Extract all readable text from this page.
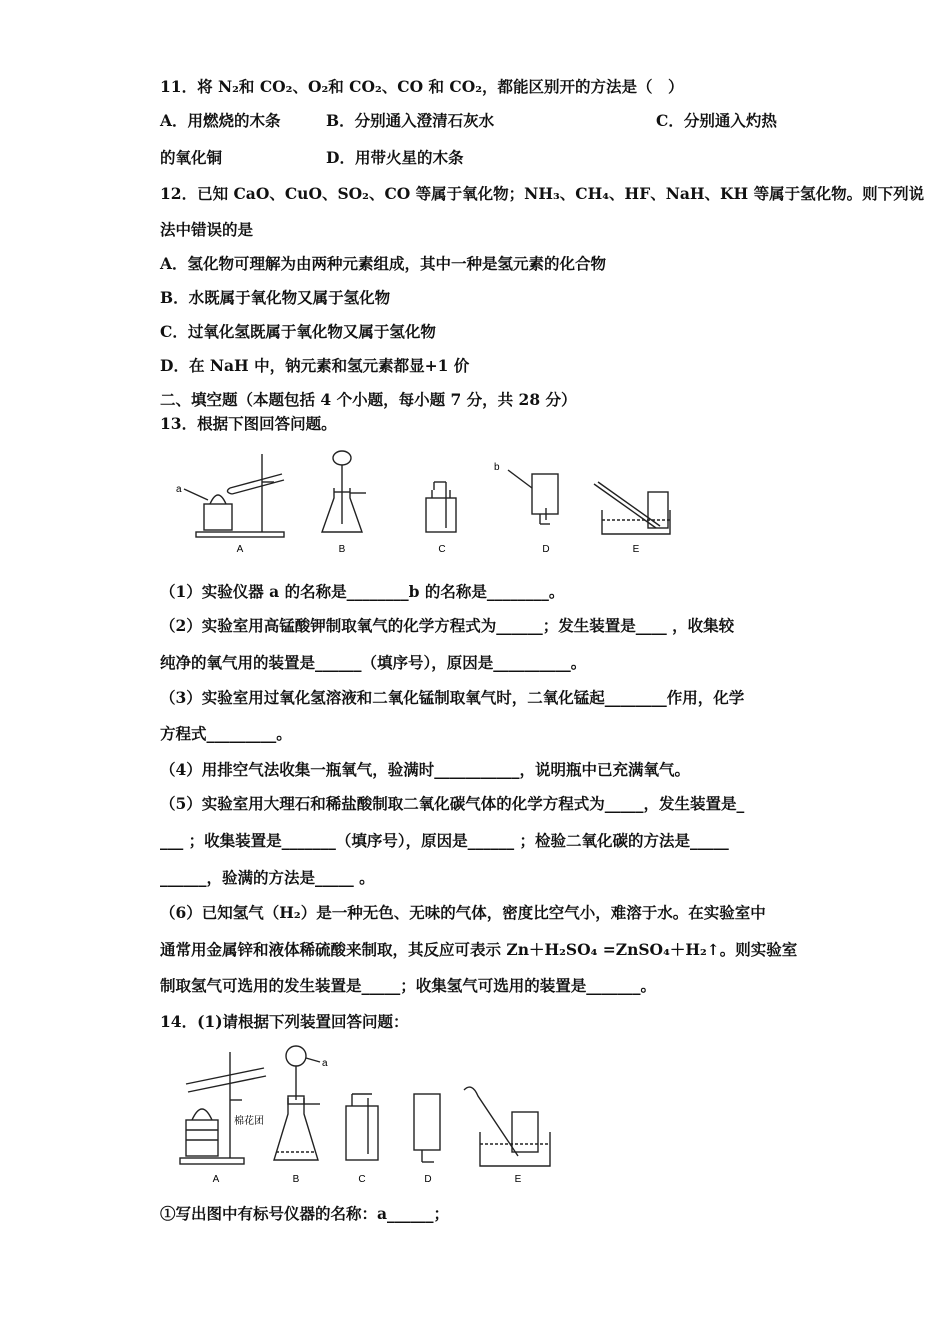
11．将 N₂和 CO₂、O₂和 CO₂、CO 和 CO₂，都能区别开的方法是（　）
A．用燃烧的木条	B．分别通入澄清石灰水	C．分别通入灼热
的氧化铜	D．用带火星的木条
12．已知 CaO、CuO、SO₂、CO 等属于氧化物；NH₃、CH₄、HF、NaH、KH 等属于氢化物。则下列说
法中错误的是
A．氢化物可理解为由两种元素组成，其中一种是氢元素的化合物
B．水既属于氧化物又属于氢化物
C．过氧化氢既属于氧化物又属于氢化物
D．在 NaH 中，钠元素和氢元素都显+1 价
二、填空题（本题包括 4 个小题，每小题 7 分，共 28 分）
13．根据下图回答问题。
A	B	C	D	E
a
b
（1）实验仪器 a 的名称是________b 的名称是________。
（2）实验室用高锰酸钾制取氧气的化学方程式为______；发生装置是____ ，收集较
纯净的氧气用的装置是______（填序号），原因是__________。
（3）实验室用过氧化氢溶液和二氧化锰制取氧气时，二氧化锰起________作用，化学
方程式_________。
（4）用排空气法收集一瓶氧气，验满时___________，说明瓶中已充满氧气。
（5）实验室用大理石和稀盐酸制取二氧化碳气体的化学方程式为_____，发生装置是_
___ ；收集装置是_______（填序号），原因是______ ；检验二氧化碳的方法是_____
______，验满的方法是_____ 。
（6）已知氢气（H₂）是一种无色、无味的气体，密度比空气小，难溶于水。在实验室中
通常用金属锌和液体稀硫酸来制取，其反应可表示 Zn＋H₂SO₄ =ZnSO₄＋H₂↑。则实验室
制取氢气可选用的发生装置是_____；收集氢气可选用的装置是_______。
14．(1)请根据下列装置回答问题：
A	B	C	D	E
a
棉花团
①写出图中有标号仪器的名称：a______；
